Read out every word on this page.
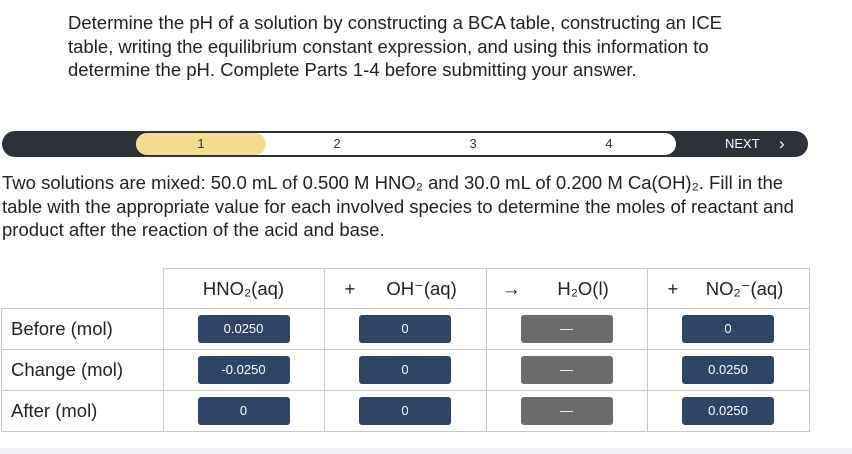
Determine the pH of a solution by constructing a BCA table, constructing an ICE table, writing the equilibrium constant expression, and using this information to determine the pH. Complete Parts 1-4 before submitting your answer.
1	2	3	4	NEXT ›
Two solutions are mixed: 50.0 mL of 0.500 M HNO₂ and 30.0 mL of 0.200 M Ca(OH)₂. Fill in the table with the appropriate value for each involved species to determine the moles of reactant and product after the reaction of the acid and base.
	HNO₂(aq)	+ OH⁻(aq)	→ H₂O(l)	+ NO₂⁻(aq)
Before (mol)	0.0250	0	—	0

Change (mol)	-0.0250	0	—	0.0250

After (mol)	0	0	—	0.0250
